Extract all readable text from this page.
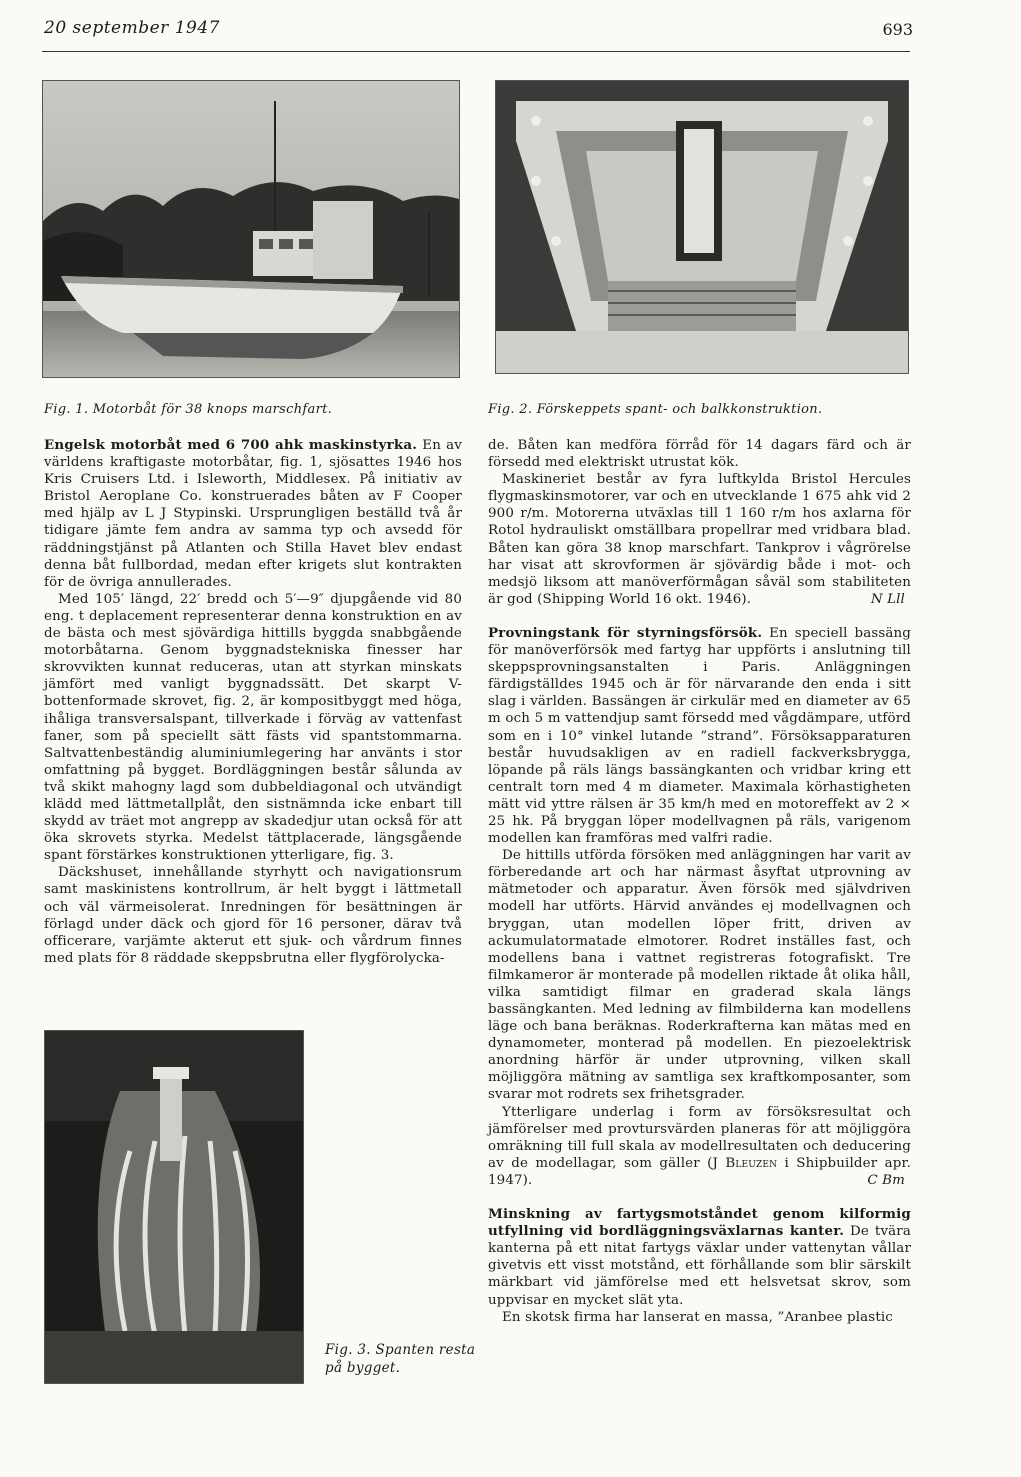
20 september 1947	693
Fig. 1. Motorbåt för 38 knops marschfart.	Fig. 2. Förskeppets spant- och balkkonstruktion.

Engelsk motorbåt med 6 700 ahk maskinstyrka. En av världens kraftigaste motorbåtar, fig. 1, sjösattes 1946 hos Kris Cruisers Ltd. i Isleworth, Middlesex. På initiativ av Bristol Aeroplane Co. konstruerades båten av F Cooper med hjälp av L J Stypinski. Ursprungligen beställd två år tidigare jämte fem andra av samma typ och avsedd för räddningstjänst på Atlanten och Stilla Havet blev endast denna båt fullbordad, medan efter krigets slut kontrakten för de övriga annullerades.

Med 105′ längd, 22′ bredd och 5′—9″ djupgående vid 80 eng. t deplacement representerar denna konstruktion en av de bästa och mest sjövärdiga hittills byggda snabbgående motorbåtarna. Genom byggnadstekniska finesser har skrovvikten kunnat reduceras, utan att styrkan minskats jämfört med vanligt byggnadssätt. Det skarpt V-bottenformade skrovet, fig. 2, är kompositbyggt med höga, ihåliga transversalspant, tillverkade i förväg av vattenfast faner, som på speciellt sätt fästs vid spantstommarna. Saltvattenbeständig aluminiumlegering har använts i stor omfattning på bygget. Bordläggningen består sålunda av två skikt mahogny lagd som dubbeldiagonal och utvändigt klädd med lättmetallplåt, den sistnämnda icke enbart till skydd av träet mot angrepp av skadedjur utan också för att öka skrovets styrka. Medelst tättplacerade, längsgående spant förstärkes konstruktionen ytterligare, fig. 3.

Däckshuset, innehållande styrhytt och navigationsrum samt maskinistens kontrollrum, är helt byggt i lättmetall och väl värmeisolerat. Inredningen för besättningen är förlagd under däck och gjord för 16 personer, därav två officerare, varjämte akterut ett sjuk- och vårdrum finnes med plats för 8 räddade skeppsbrutna eller flygförolycka-

Fig. 3. Spanten resta
på bygget.

de. Båten kan medföra förråd för 14 dagars färd och är försedd med elektriskt utrustat kök.

Maskineriet består av fyra luftkylda Bristol Hercules flygmaskinsmotorer, var och en utvecklande 1 675 ahk vid 2 900 r/m. Motorerna utväxlas till 1 160 r/m hos axlarna för Rotol hydrauliskt omställbara propellrar med vridbara blad. Båten kan göra 38 knop marschfart. Tankprov i vågrörelse har visat att skrovformen är sjövärdig både i mot- och medsjö liksom att manöverförmågan såväl som stabiliteten är god (Shipping World 16 okt. 1946).	N Lll

Provningstank för styrningsförsök. En speciell bassäng för manöverförsök med fartyg har uppförts i anslutning till skeppsprovningsanstalten i Paris. Anläggningen färdigställdes 1945 och är för närvarande den enda i sitt slag i världen. Bassängen är cirkulär med en diameter av 65 m och 5 m vattendjup samt försedd med vågdämpare, utförd som en i 10° vinkel lutande ”strand”. Försöksapparaturen består huvudsakligen av en radiell fackverksbrygga, löpande på räls längs bassängkanten och vridbar kring ett centralt torn med 4 m diameter. Maximala körhastigheten mätt vid yttre rälsen är 35 km/h med en motoreffekt av 2 × 25 hk. På bryggan löper modellvagnen på räls, varigenom modellen kan framföras med valfri radie.

De hittills utförda försöken med anläggningen har varit av förberedande art och har närmast åsyftat utprovning av mätmetoder och apparatur. Även försök med självdriven modell har utförts. Härvid användes ej modellvagnen och bryggan, utan modellen löper fritt, driven av ackumulatormatade elmotorer. Rodret inställes fast, och modellens bana i vattnet registreras fotografiskt. Tre filmkameror är monterade på modellen riktade åt olika håll, vilka samtidigt filmar en graderad skala längs bassängkanten. Med ledning av filmbilderna kan modellens läge och bana beräknas. Roderkrafterna kan mätas med en dynamometer, monterad på modellen. En piezoelektrisk anordning härför är under utprovning, vilken skall möjliggöra mätning av samtliga sex kraftkomposanter, som svarar mot rodrets sex frihetsgrader.

Ytterligare underlag i form av försöksresultat och jämförelser med provtursvärden planeras för att möjliggöra omräkning till full skala av modellresultaten och deducering av de modellagar, som gäller (J Bleuzen i Shipbuilder apr. 1947).	C Bm

Minskning av fartygsmotståndet genom kilformig utfyllning vid bordläggningsväxlarnas kanter. De tvära kanterna på ett nitat fartygs växlar under vattenytan vållar givetvis ett visst motstånd, ett förhållande som blir särskilt märkbart vid jämförelse med ett helsvetsat skrov, som uppvisar en mycket slät yta.

En skotsk firma har lanserat en massa, ”Aranbee plastic
